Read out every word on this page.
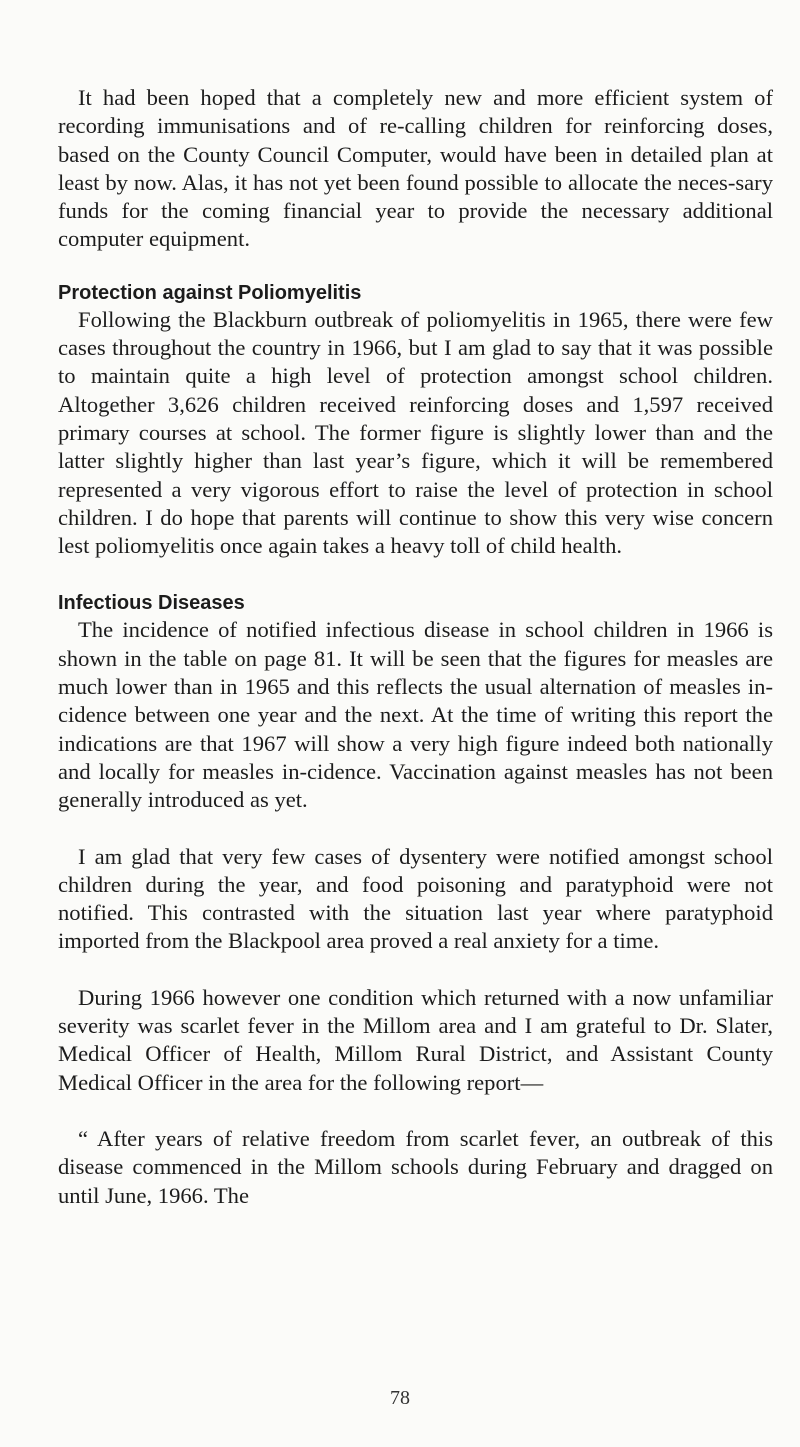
It had been hoped that a completely new and more efficient system of recording immunisations and of re-calling children for reinforcing doses, based on the County Council Computer, would have been in detailed plan at least by now. Alas, it has not yet been found possible to allocate the neces-sary funds for the coming financial year to provide the necessary additional computer equipment.

Protection against Poliomyelitis

Following the Blackburn outbreak of poliomyelitis in 1965, there were few cases throughout the country in 1966, but I am glad to say that it was possible to maintain quite a high level of protection amongst school children. Altogether 3,626 children received reinforcing doses and 1,597 received primary courses at school. The former figure is slightly lower than and the latter slightly higher than last year’s figure, which it will be remembered represented a very vigorous effort to raise the level of protection in school children. I do hope that parents will continue to show this very wise concern lest poliomyelitis once again takes a heavy toll of child health.

Infectious Diseases

The incidence of notified infectious disease in school children in 1966 is shown in the table on page 81. It will be seen that the figures for measles are much lower than in 1965 and this reflects the usual alternation of measles in-cidence between one year and the next. At the time of writing this report the indications are that 1967 will show a very high figure indeed both nationally and locally for measles in-cidence. Vaccination against measles has not been generally introduced as yet.

I am glad that very few cases of dysentery were notified amongst school children during the year, and food poisoning and paratyphoid were not notified. This contrasted with the situation last year where paratyphoid imported from the Blackpool area proved a real anxiety for a time.

During 1966 however one condition which returned with a now unfamiliar severity was scarlet fever in the Millom area and I am grateful to Dr. Slater, Medical Officer of Health, Millom Rural District, and Assistant County Medical Officer in the area for the following report—

“ After years of relative freedom from scarlet fever, an outbreak of this disease commenced in the Millom schools during February and dragged on until June, 1966. The

78
